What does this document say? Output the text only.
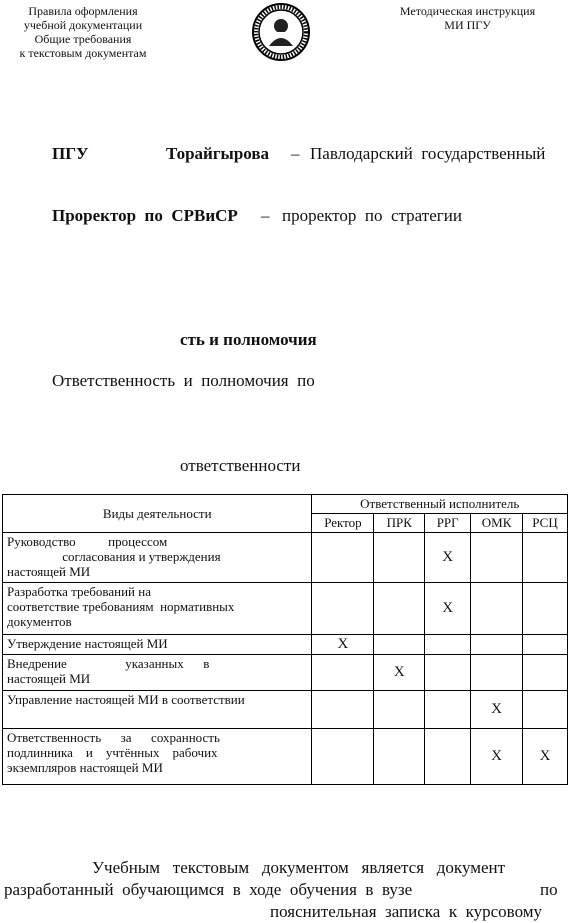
Правила оформления
учебной документации
Общие требования
к текстовым документам
Методическая инструкция
МИ ПГУ
ПГУ	Торайгырова – Павлодарский  государственный
Проректор  по  СРВиСР – проректор  по  стратегии
сть и полномочия
Ответственность  и  полномочия  по
ответственности
Виды деятельности	Ответственный исполнитель				
	Ректор	ПРК	РРГ	ОМК	РСЦ

Руководство          процессом
согласования и утверждения
настоящей МИ			X		

Разработка требований на
соответствие требованиям  нормативных
документов			X		

Утверждение настоящей МИ	X				

Внедрение                  указанных      в
настоящей МИ		X			

Управление настоящей МИ в соответствии				X	

Ответственность      за      сохранность
подлинника    и    учтённых    рабочих
экземпляров настоящей МИ				X	X
Учебным   текстовым   документом   является   документ
разработанный  обучающимся  в  ходе  обучения  в  вузе	по
пояснительная  записка  к  курсовому
